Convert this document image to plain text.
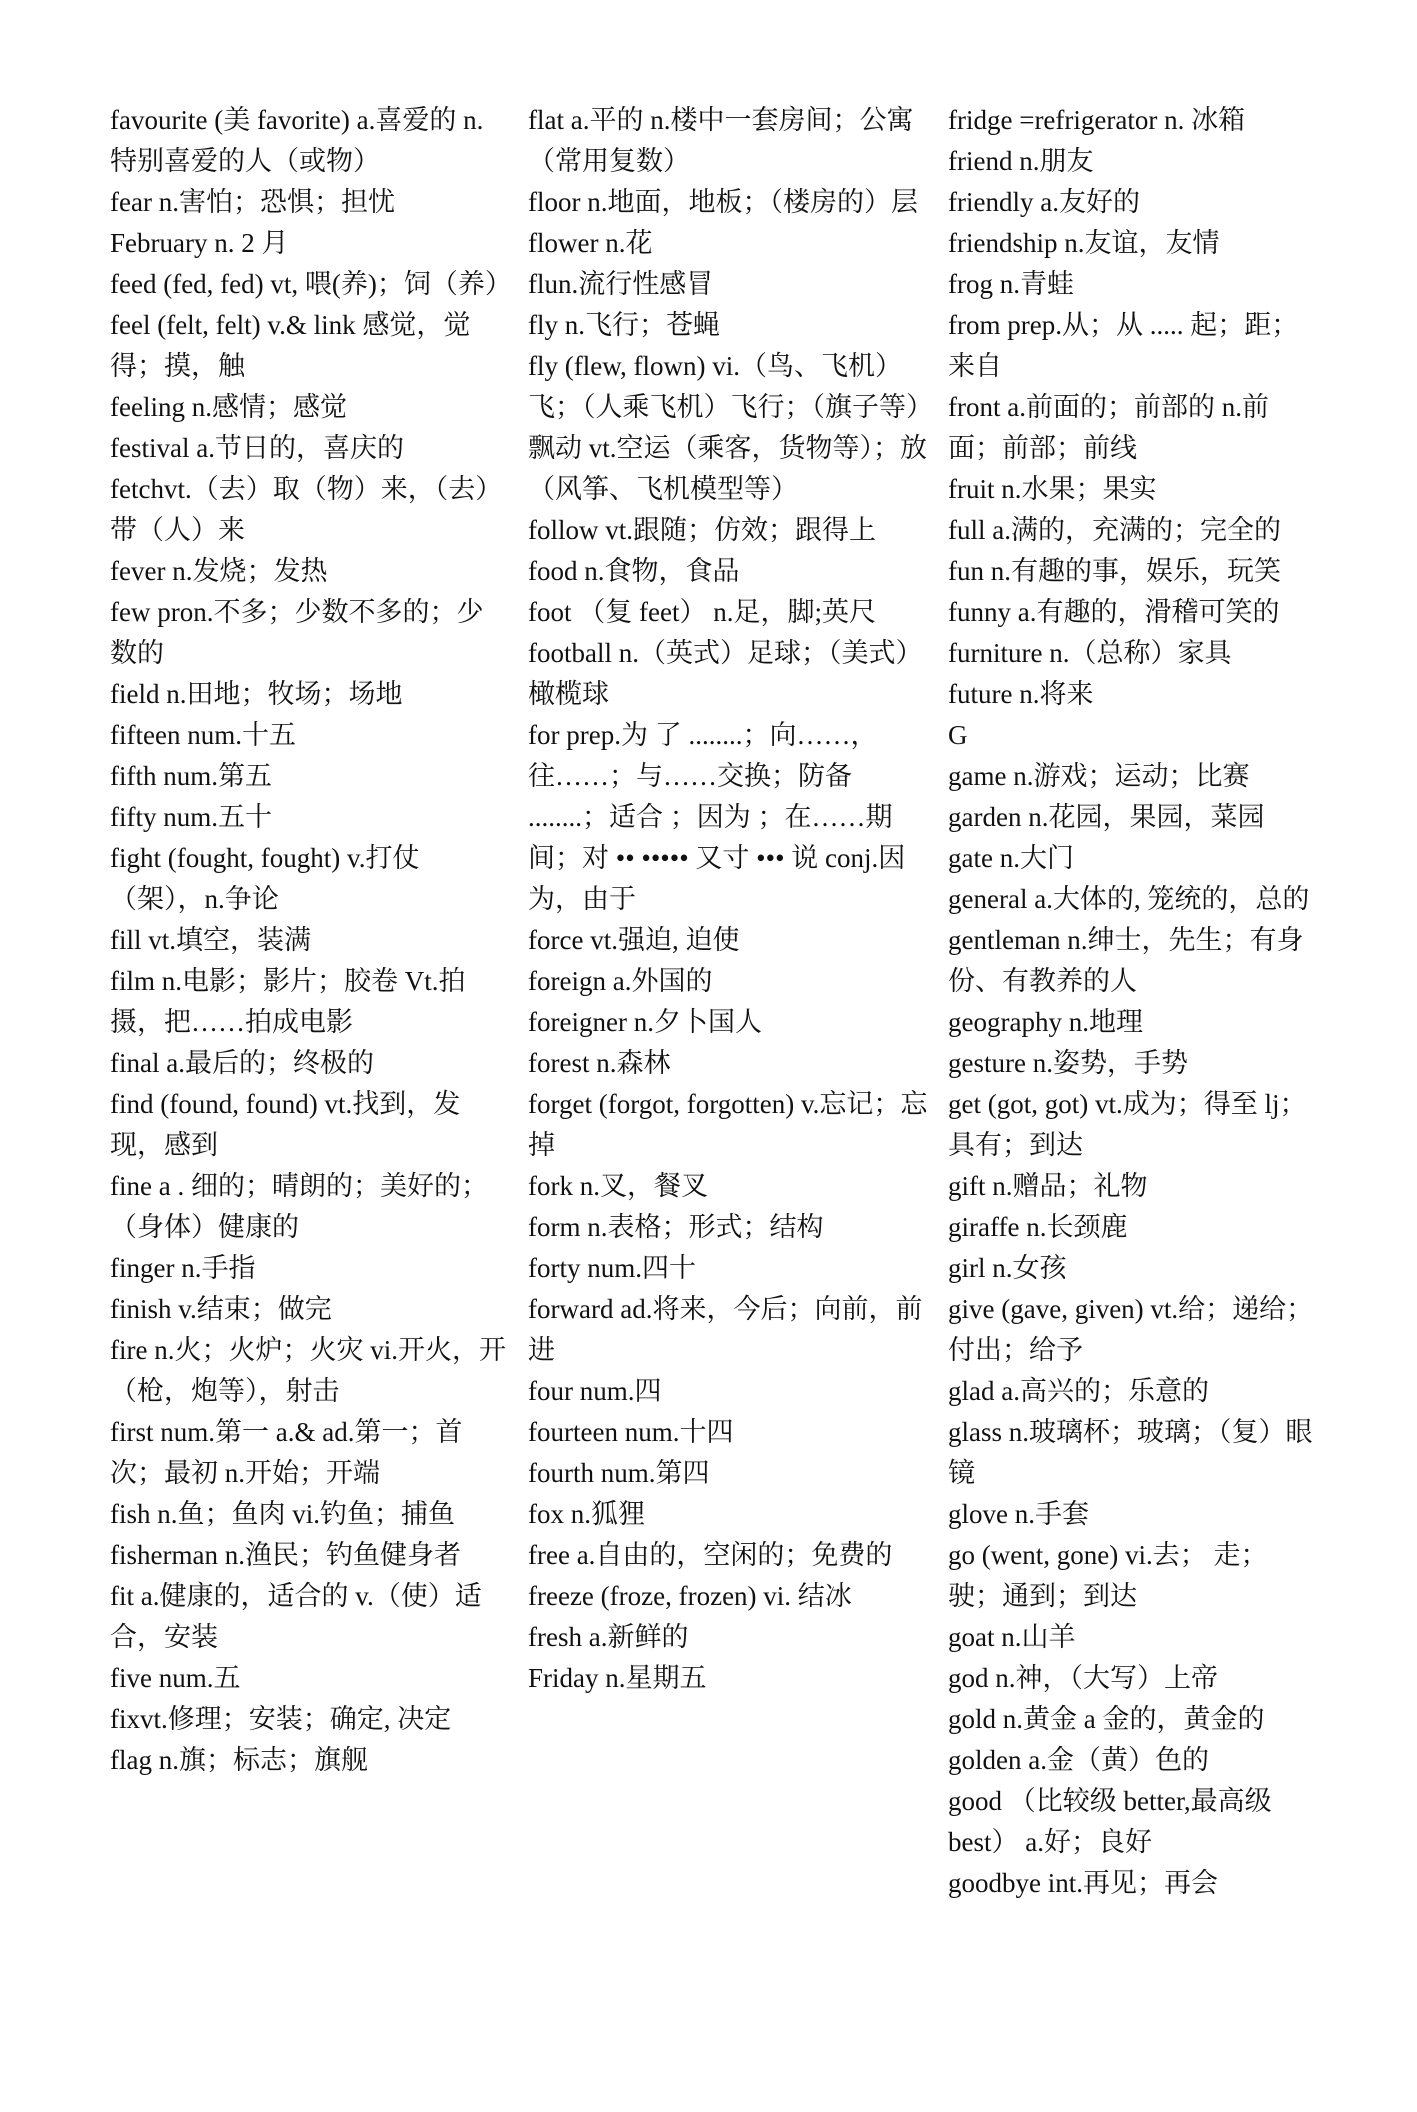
favourite (美 favorite) a.喜爱的 n.特别喜爱的人（或物）
fear n.害怕；恐惧；担忧
February n. 2 月
feed (fed, fed) vt, 喂(养)；饲（养）
feel (felt, felt) v.& link 感觉，觉得；摸，触
feeling n.感情；感觉
festival a.节日的，喜庆的
fetchvt.（去）取（物）来，（去）带（人）来
fever n.发烧；发热
few pron.不多；少数不多的；少数的
field n.田地；牧场；场地
fifteen num.十五
fifth num.第五
fifty num.五十
fight (fought, fought) v.打仗（架），n.争论
fill vt.填空，装满
film n.电影；影片；胶卷 Vt.拍摄，把……拍成电影
final a.最后的；终极的
find (found, found) vt.找到，发现，感到
fine a . 细的；晴朗的；美好的；（身体）健康的
finger n.手指
finish v.结束；做完
fire n.火；火炉；火灾 vi.开火，开（枪，炮等），射击
first num.第一 a.& ad.第一；首次；最初 n.开始；开端
fish n.鱼；鱼肉 vi.钓鱼；捕鱼
fisherman n.渔民；钓鱼健身者
fit a.健康的，适合的 v.（使）适合，安装
five num.五
fixvt.修理；安装；确定, 决定
flag n.旗；标志；旗舰
flat a.平的 n.楼中一套房间；公寓（常用复数）
floor n.地面，地板；（楼房的）层
flower n.花
flun.流行性感冒
fly n.飞行；苍蝇
fly (flew, flown) vi.（鸟、飞机）飞；（人乘飞机）飞行；（旗子等）飘动 vt.空运（乘客，货物等）；放（风筝、飞机模型等）
follow vt.跟随；仿效；跟得上
food n.食物，食品
foot （复 feet） n.足，脚;英尺
football n.（英式）足球；（美式）橄榄球
for prep.为 了 ........；向……，往……；与……交换；防备 ........；适合 ；因为 ；在……期间；对 •• ••••• 又寸 ••• 说 conj.因为，由于
force vt.强迫, 迫使
foreign a.外国的
foreigner n.夕卜国人
forest n.森林
forget (forgot, forgotten) v.忘记；忘掉
fork n.叉，餐叉
form n.表格；形式；结构
forty num.四十
forward ad.将来，今后；向前，前进
four num.四
fourteen num.十四
fourth num.第四
fox n.狐狸
free a.自由的，空闲的；免费的
freeze (froze, frozen) vi. 结冰
fresh a.新鲜的
Friday n.星期五
fridge =refrigerator n. 冰箱
friend n.朋友
friendly a.友好的
friendship n.友谊，友情
frog n.青蛙
from prep.从；从 ..... 起；距；来自
front a.前面的；前部的 n.前面；前部；前线
fruit n.水果；果实
full a.满的，充满的；完全的
fun n.有趣的事，娱乐，玩笑
funny a.有趣的，滑稽可笑的
furniture n.（总称）家具
future n.将来
G
game n.游戏；运动；比赛
garden n.花园，果园，菜园
gate n.大门
general a.大体的, 笼统的，总的
gentleman n.绅士，先生；有身份、有教养的人
geography n.地理
gesture n.姿势，手势
get (got, got) vt.成为；得至 lj；具有；到达
gift n.赠品；礼物
giraffe n.长颈鹿
girl n.女孩
give (gave, given) vt.给；递给；付出；给予
glad a.高兴的；乐意的
glass n.玻璃杯；玻璃；（复）眼镜
glove n.手套
go (went, gone) vi.去； 走；驶；通到；到达
goat n.山羊
god n.神，（大写）上帝
gold n.黄金 a 金的，黄金的
golden a.金（黄）色的
good （比较级 better,最高级 best） a.好；良好
goodbye int.再见；再会
